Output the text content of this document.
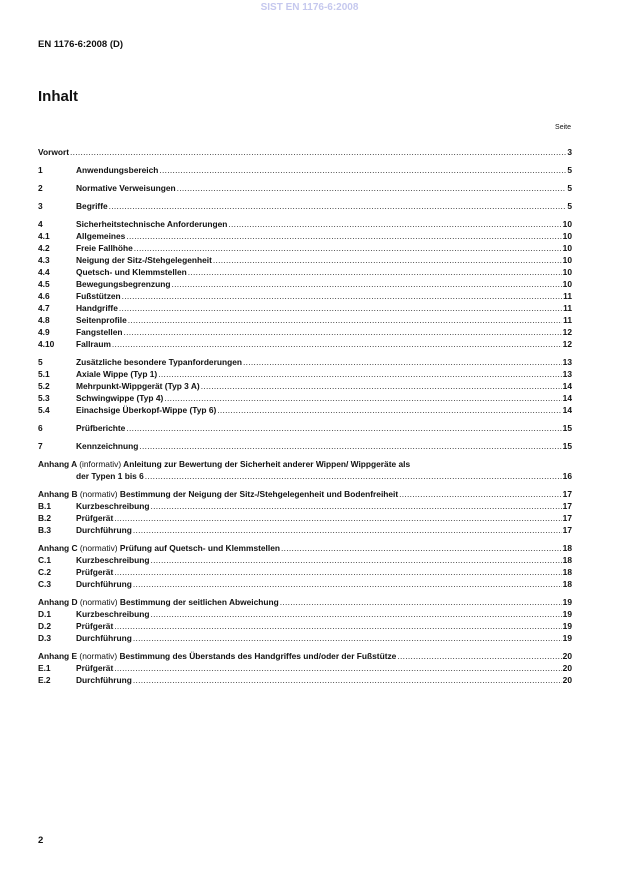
SIST EN 1176-6:2008
EN 1176-6:2008 (D)
Inhalt
Seite
Vorwort .....	3
1	Anwendungsbereich .....	5
2	Normative Verweisungen .....	5
3	Begriffe .....	5
4	Sicherheitstechnische Anforderungen .....	10
4.1	Allgemeines .....	10
4.2	Freie Fallhöhe .....	10
4.3	Neigung der Sitz-/Stehgelegenheit .....	10
4.4	Quetsch- und Klemmstellen .....	10
4.5	Bewegungsbegrenzung .....	10
4.6	Fußstützen .....	11
4.7	Handgriffe .....	11
4.8	Seitenprofile .....	11
4.9	Fangstellen .....	12
4.10	Fallraum .....	12
5	Zusätzliche besondere Typanforderungen .....	13
5.1	Axiale Wippe (Typ 1) .....	13
5.2	Mehrpunkt-Wippgerät (Typ 3 A) .....	14
5.3	Schwingwippe (Typ 4) .....	14
5.4	Einachsige Überkopf-Wippe (Typ 6) .....	14
6	Prüfberichte .....	15
7	Kennzeichnung .....	15
Anhang A (informativ) Anleitung zur Bewertung der Sicherheit anderer Wippen/ Wippgeräte als
der Typen 1 bis 6 .....	16
Anhang B (normativ) Bestimmung der Neigung der Sitz-/Stehgelegenheit und Bodenfreiheit .....	17
B.1	Kurzbeschreibung .....	17
B.2	Prüfgerät .....	17
B.3	Durchführung .....	17
Anhang C (normativ) Prüfung auf Quetsch- und Klemmstellen .....	18
C.1	Kurzbeschreibung .....	18
C.2	Prüfgerät .....	18
C.3	Durchführung .....	18
Anhang D (normativ) Bestimmung der seitlichen Abweichung .....	19
D.1	Kurzbeschreibung .....	19
D.2	Prüfgerät .....	19
D.3	Durchführung .....	19
Anhang E (normativ) Bestimmung des Überstands des Handgriffes und/oder der Fußstütze .....	20
E.1	Prüfgerät .....	20
E.2	Durchführung .....	20
2
